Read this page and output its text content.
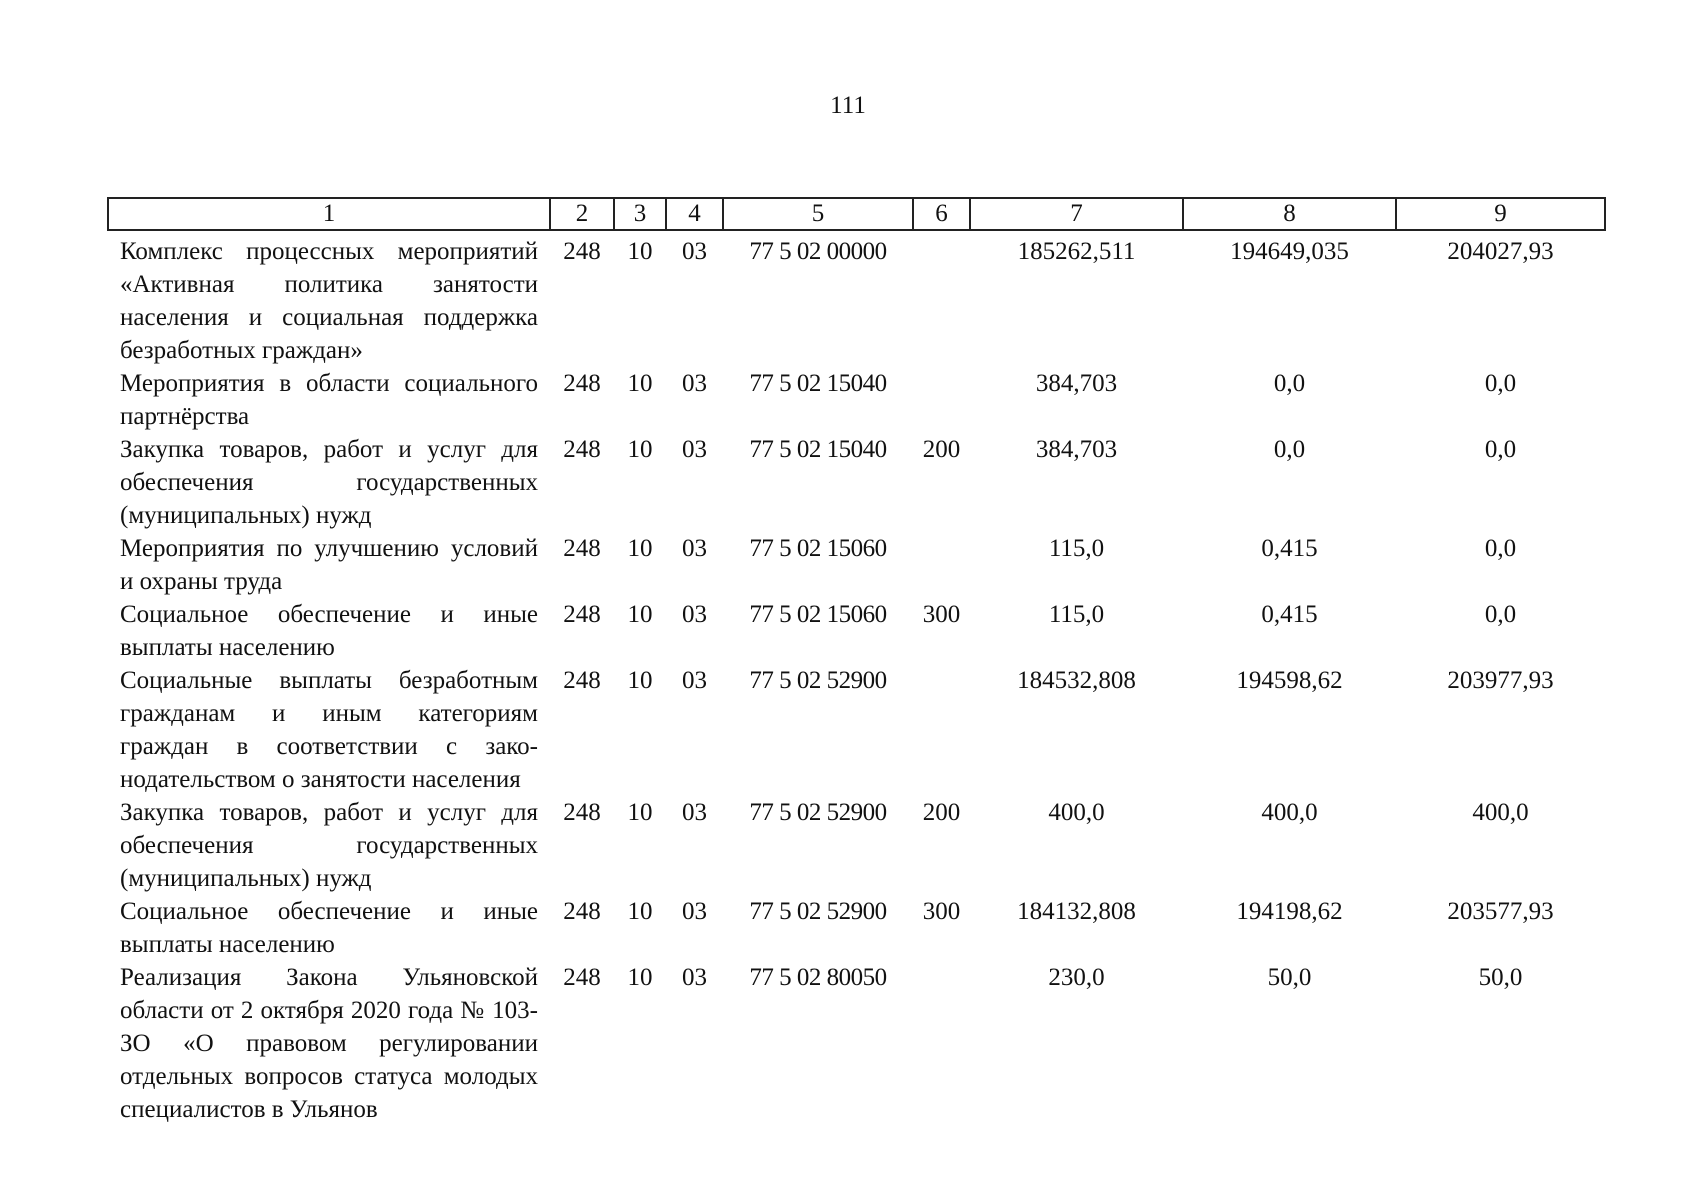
111
1	2	3	4	5	6	7	8	9
Комплекс процессных мероприятий «Активная политика занятости населения и социальная поддержка безработных граждан»	248	10	03	77 5 02 00000		185262,511	194649,035	204027,93
Мероприятия в области социального партнёрства	248	10	03	77 5 02 15040		384,703	0,0	0,0
Закупка товаров, работ и услуг для обеспечения государственных (муниципальных) нужд	248	10	03	77 5 02 15040	200	384,703	0,0	0,0
Мероприятия по улучшению условий и охраны труда	248	10	03	77 5 02 15060		115,0	0,415	0,0
Социальное обеспечение и иные выплаты населению	248	10	03	77 5 02 15060	300	115,0	0,415	0,0
Социальные выплаты безработным гражданам и иным категориям граждан в соответствии с законодательством о занятости населения	248	10	03	77 5 02 52900		184532,808	194598,62	203977,93
Закупка товаров, работ и услуг для обеспечения государственных (муниципальных) нужд	248	10	03	77 5 02 52900	200	400,0	400,0	400,0
Социальное обеспечение и иные выплаты населению	248	10	03	77 5 02 52900	300	184132,808	194198,62	203577,93
Реализация Закона Ульяновской области от 2 октября 2020 года № 103-ЗО «О правовом регулировании отдельных вопросов статуса молодых специалистов в Ульянов	248	10	03	77 5 02 80050		230,0	50,0	50,0
